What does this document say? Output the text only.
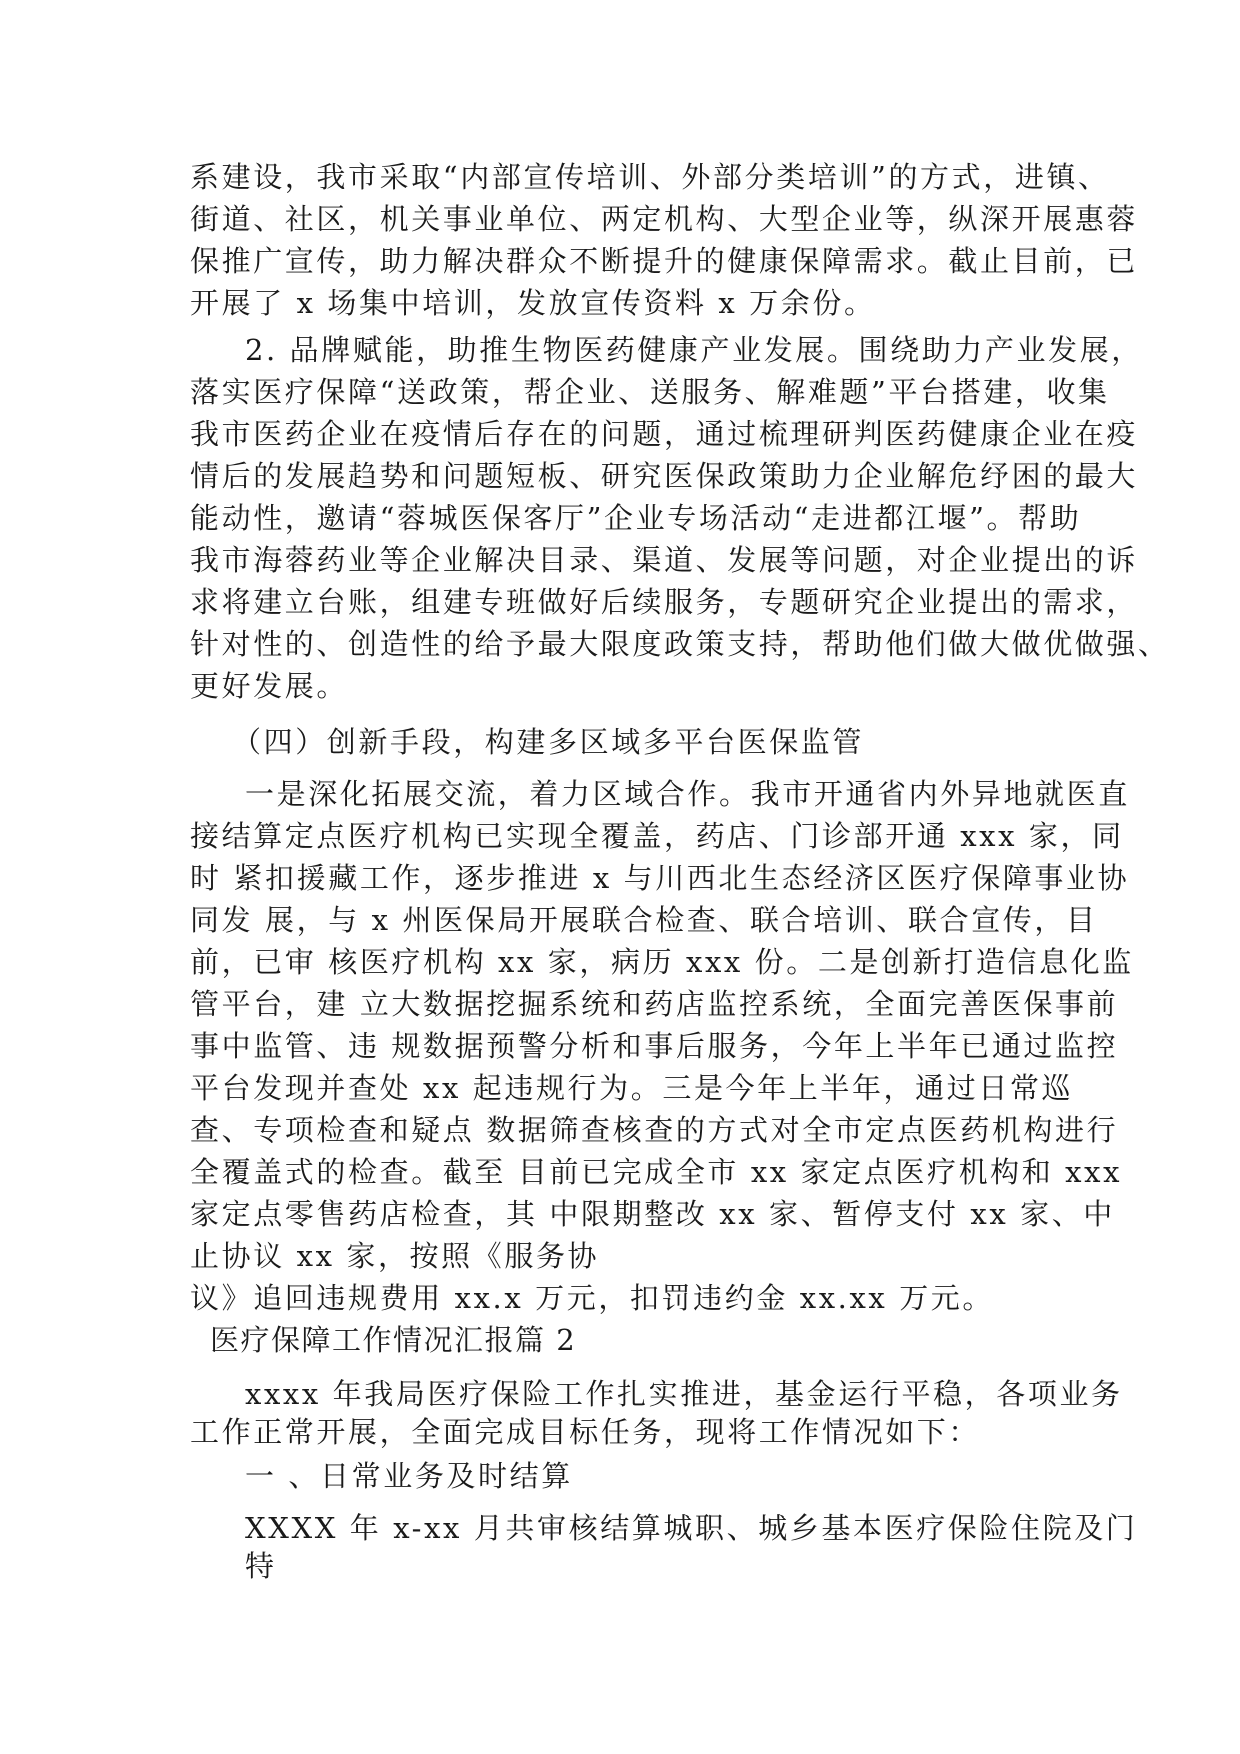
系建设，我市采取“内部宣传培训、外部分类培训”的方式，进镇、
街道、社区，机关事业单位、两定机构、大型企业等，纵深开展惠蓉
保推广宣传，助力解决群众不断提升的健康保障需求。截止目前，已
开展了 x 场集中培训，发放宣传资料 x 万余份。
2. 品牌赋能，助推生物医药健康产业发展。围绕助力产业发展，
落实医疗保障“送政策，帮企业、送服务、解难题”平台搭建，收集
我市医药企业在疫情后存在的问题，通过梳理研判医药健康企业在疫
情后的发展趋势和问题短板、研究医保政策助力企业解危纾困的最大
能动性，邀请“蓉城医保客厅”企业专场活动“走进都江堰”。帮助
我市海蓉药业等企业解决目录、渠道、发展等问题，对企业提出的诉
求将建立台账，组建专班做好后续服务，专题研究企业提出的需求，
针对性的、创造性的给予最大限度政策支持，帮助他们做大做优做强、
更好发展。
（四）创新手段，构建多区域多平台医保监管
一是深化拓展交流，着力区域合作。我市开通省内外异地就医直
接结算定点医疗机构已实现全覆盖，药店、门诊部开通 xxx 家，同
时 紧扣援藏工作，逐步推进 x 与川西北生态经济区医疗保障事业协
同发 展，与 x 州医保局开展联合检查、联合培训、联合宣传，目
前，已审 核医疗机构 xx 家，病历 xxx 份。二是创新打造信息化监
管平台，建 立大数据挖掘系统和药店监控系统，全面完善医保事前
事中监管、违 规数据预警分析和事后服务，今年上半年已通过监控
平台发现并查处 xx 起违规行为。三是今年上半年，通过日常巡
查、专项检查和疑点 数据筛查核查的方式对全市定点医药机构进行
全覆盖式的检查。截至 目前已完成全市 xx 家定点医疗机构和 xxx
家定点零售药店检查，其 中限期整改 xx 家、暂停支付 xx 家、中
止协议 xx 家，按照《服务协
议》追回违规费用 xx.x 万元，扣罚违约金 xx.xx 万元。
医疗保障工作情况汇报篇 2
xxxx 年我局医疗保险工作扎实推进，基金运行平稳，各项业务
工作正常开展，全面完成目标任务，现将工作情况如下：
一 、日常业务及时结算
XXXX 年 x-xx 月共审核结算城职、城乡基本医疗保险住院及门
特
